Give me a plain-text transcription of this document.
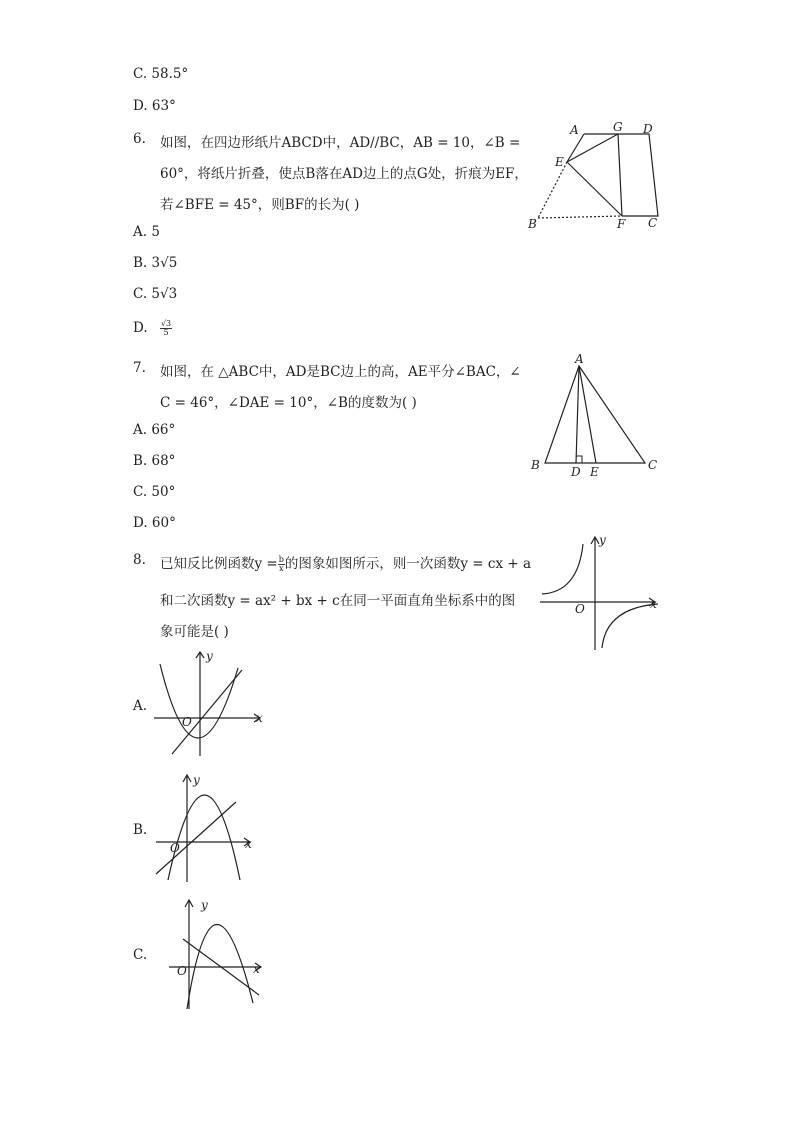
C. 58.5°
D. 63°
6. 如图，在四边形纸片ABCD中，AD//BC，AB = 10，∠B =
60°，将纸片折叠，使点B落在AD边上的点G处，折痕为EF，
若∠BFE = 45°，则BF的长为( )
A	G D
E
B	F C
A. 5
B. 3√5
C. 5√3
D. $\frac{√3}{5}$
7. 如图，在 △ABC中，AD是BC边上的高，AE平分∠BAC，∠
C = 46°，∠DAE = 10°，∠B的度数为( )
A
B	D E	C
A. 66°
B. 68°
C. 50°
D. 60°
8. 已知反比例函数$y = \frac{b}{x}$ 的图象如图所示，则一次函数y = cx + a
和二次函数y = ax² + bx + c在同一平面直角坐标系中的图
象可能是( )
x
y
O
A.
x
y
O
B.
x
y
O
C.
x
y
O
